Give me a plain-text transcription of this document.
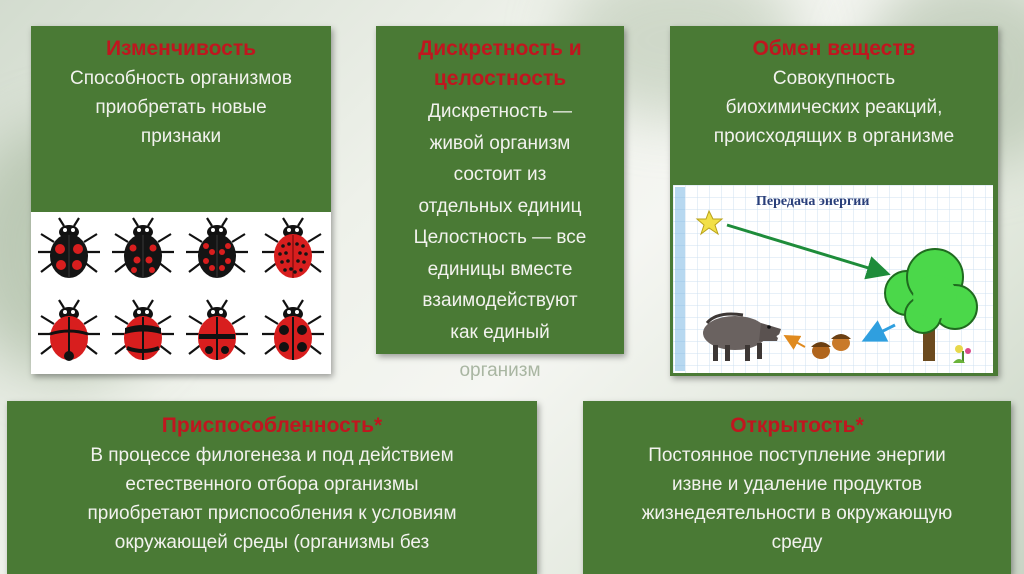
Изменчивость

Способность организмов

приобретать новые

признаки

Дискретность и
целостность

Дискретность —

живой организм

состоит из

отдельных единиц

Целостность — все

единицы вместе

взаимодействуют

как единый

организм
Обмен веществ

Совокупность

биохимических реакций,

происходящих в организме

Передача энергии
Приспособленность*

В процессе филогенеза и под действием

естественного отбора организмы

приобретают приспособления к условиям

окружающей среды (организмы без

Открытость*

Постоянное поступление энергии

извне и удаление продуктов

жизнедеятельности в окружающую

среду
